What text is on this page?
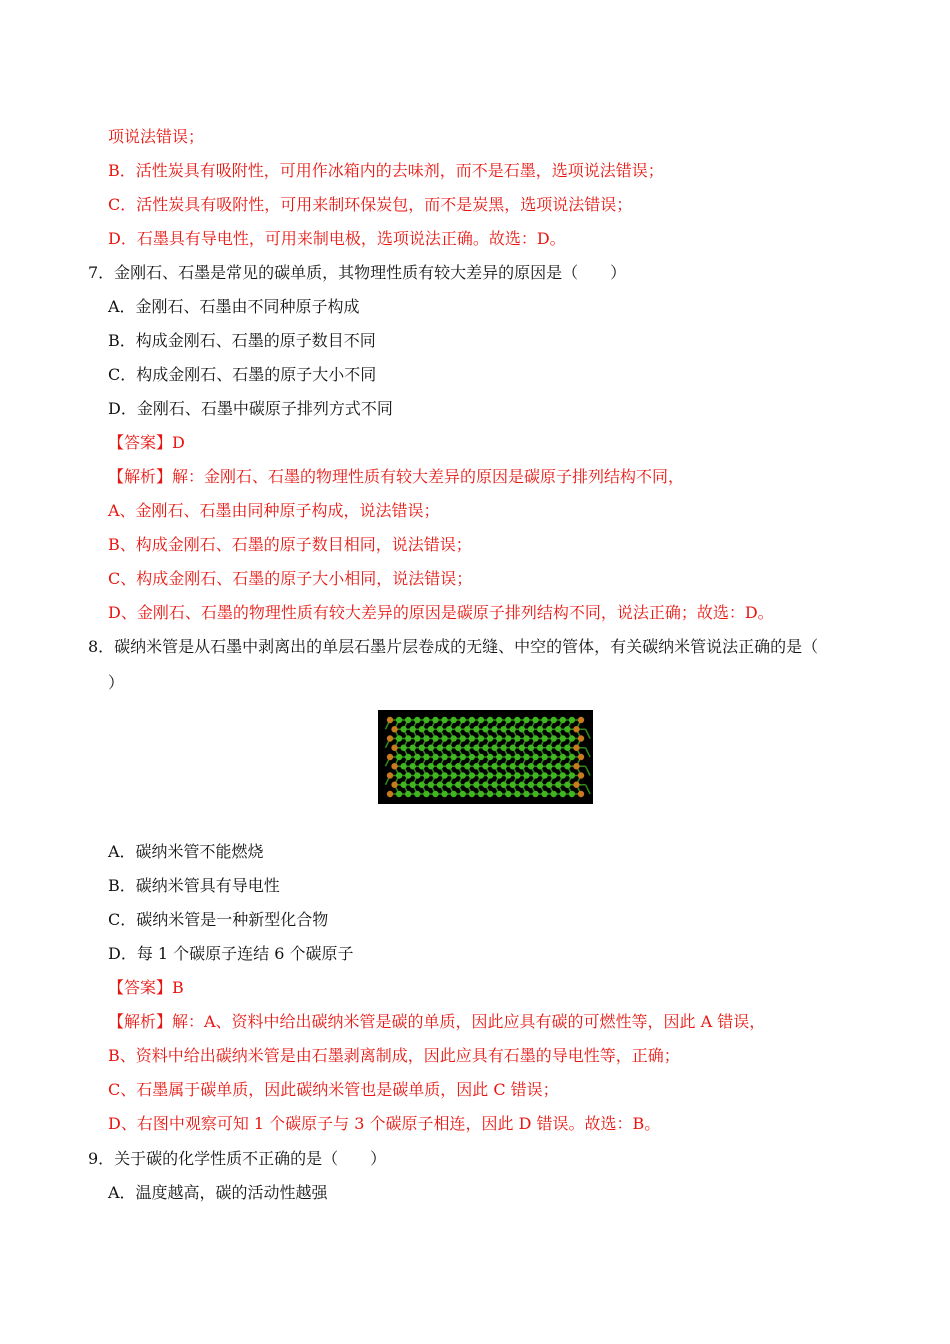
项说法错误；
B．活性炭具有吸附性，可用作冰箱内的去味剂，而不是石墨，选项说法错误；
C．活性炭具有吸附性，可用来制环保炭包，而不是炭黑，选项说法错误；
D．石墨具有导电性，可用来制电极，选项说法正确。故选：D。
7．金刚石、石墨是常见的碳单质，其物理性质有较大差异的原因是（　　）
A．金刚石、石墨由不同种原子构成
B．构成金刚石、石墨的原子数目不同
C．构成金刚石、石墨的原子大小不同
D．金刚石、石墨中碳原子排列方式不同
【答案】D
【解析】解：金刚石、石墨的物理性质有较大差异的原因是碳原子排列结构不同，
A、金刚石、石墨由同种原子构成，说法错误；
B、构成金刚石、石墨的原子数目相同，说法错误；
C、构成金刚石、石墨的原子大小相同，说法错误；
D、金刚石、石墨的物理性质有较大差异的原因是碳原子排列结构不同，说法正确；故选：D。
8．碳纳米管是从石墨中剥离出的单层石墨片层卷成的无缝、中空的管体，有关碳纳米管说法正确的是（
）
A．碳纳米管不能燃烧
B．碳纳米管具有导电性
C．碳纳米管是一种新型化合物
D．每 1 个碳原子连结 6 个碳原子
【答案】B
【解析】解：A、资料中给出碳纳米管是碳的单质，因此应具有碳的可燃性等，因此 A 错误，
B、资料中给出碳纳米管是由石墨剥离制成，因此应具有石墨的导电性等，正确；
C、石墨属于碳单质，因此碳纳米管也是碳单质，因此 C 错误；
D、右图中观察可知 1 个碳原子与 3 个碳原子相连，因此 D 错误。故选：B。
9．关于碳的化学性质不正确的是（　　）
A．温度越高，碳的活动性越强
